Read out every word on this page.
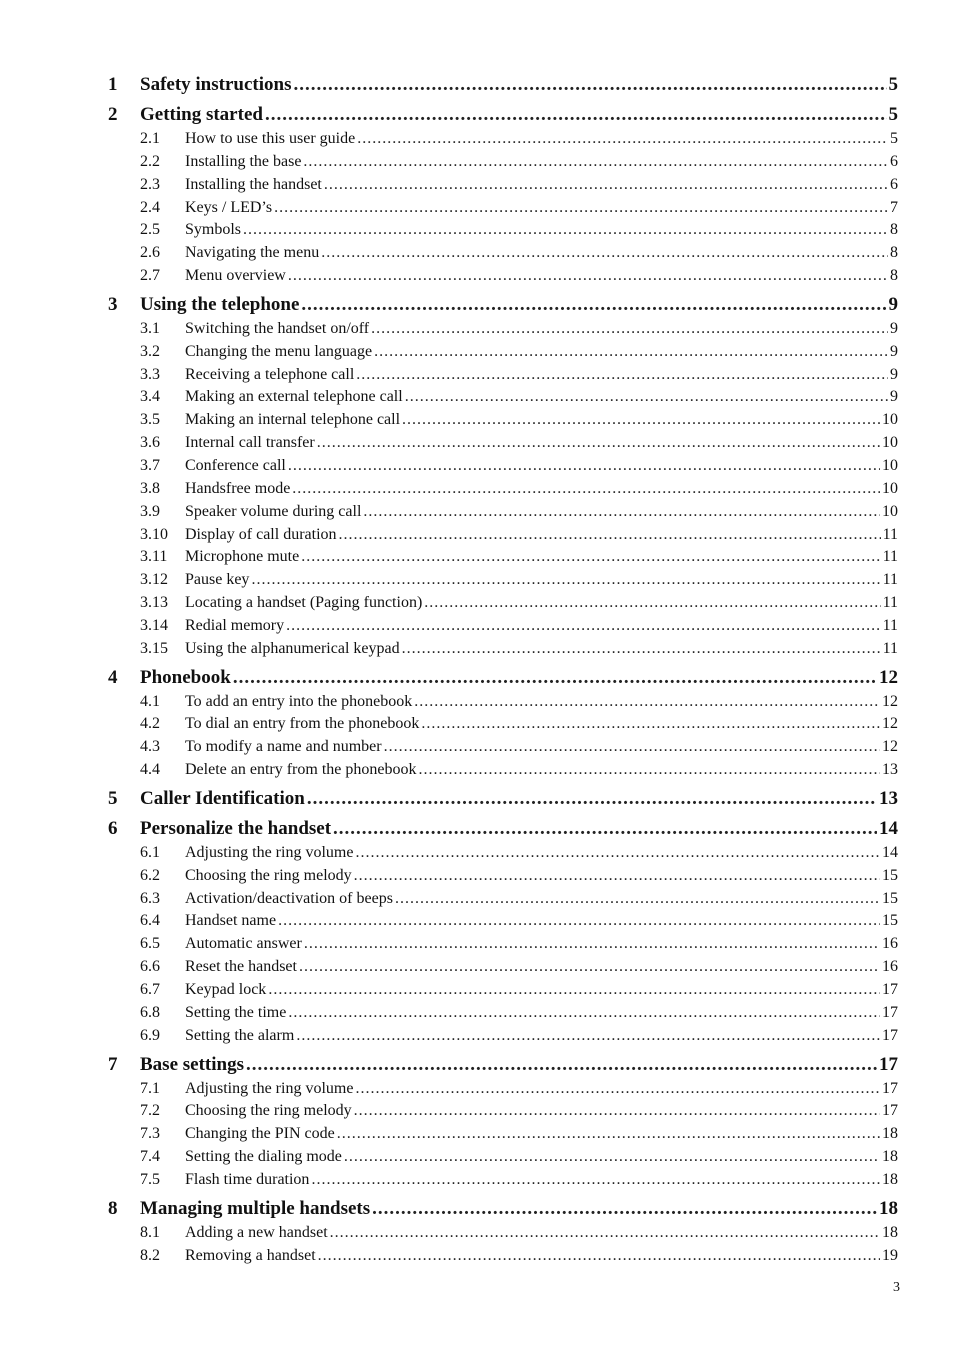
1 Safety instructions .....	5
2 Getting started .....	5
2.1 How to use this user guide .....	5
2.2 Installing the base .....	6
2.3 Installing the handset .....	6
2.4 Keys / LED’s .....	7
2.5 Symbols .....	8
2.6 Navigating the menu .....	8
2.7 Menu overview .....	8
3 Using the telephone .....	9
3.1 Switching the handset on/off .....	9
3.2 Changing the menu language .....	9
3.3 Receiving a telephone call .....	9
3.4 Making an external telephone call .....	9
3.5 Making an internal telephone call .....	10
3.6 Internal call transfer .....	10
3.7 Conference call .....	10
3.8 Handsfree mode .....	10
3.9 Speaker volume during call .....	10
3.10 Display of call duration .....	11
3.11 Microphone mute .....	11
3.12 Pause key .....	11
3.13 Locating a handset (Paging function) .....	11
3.14 Redial memory .....	11
3.15 Using the alphanumerical keypad .....	11
4 Phonebook .....	12
4.1 To add an entry into the phonebook .....	12
4.2 To dial an entry from the phonebook .....	12
4.3 To modify a name and number .....	12
4.4 Delete an entry from the phonebook .....	13
5 Caller Identification .....	13
6 Personalize the handset .....	14
6.1 Adjusting the ring volume .....	14
6.2 Choosing the ring melody .....	15
6.3 Activation/deactivation of beeps .....	15
6.4 Handset name .....	15
6.5 Automatic answer .....	16
6.6 Reset the handset .....	16
6.7 Keypad lock .....	17
6.8 Setting the time .....	17
6.9 Setting the alarm .....	17
7 Base settings .....	17
7.1 Adjusting the ring volume .....	17
7.2 Choosing the ring melody .....	17
7.3 Changing the PIN code .....	18
7.4 Setting the dialing mode .....	18
7.5 Flash time duration .....	18
8 Managing multiple handsets .....	18
8.1 Adding a new handset .....	18
8.2 Removing a handset .....	19
3
